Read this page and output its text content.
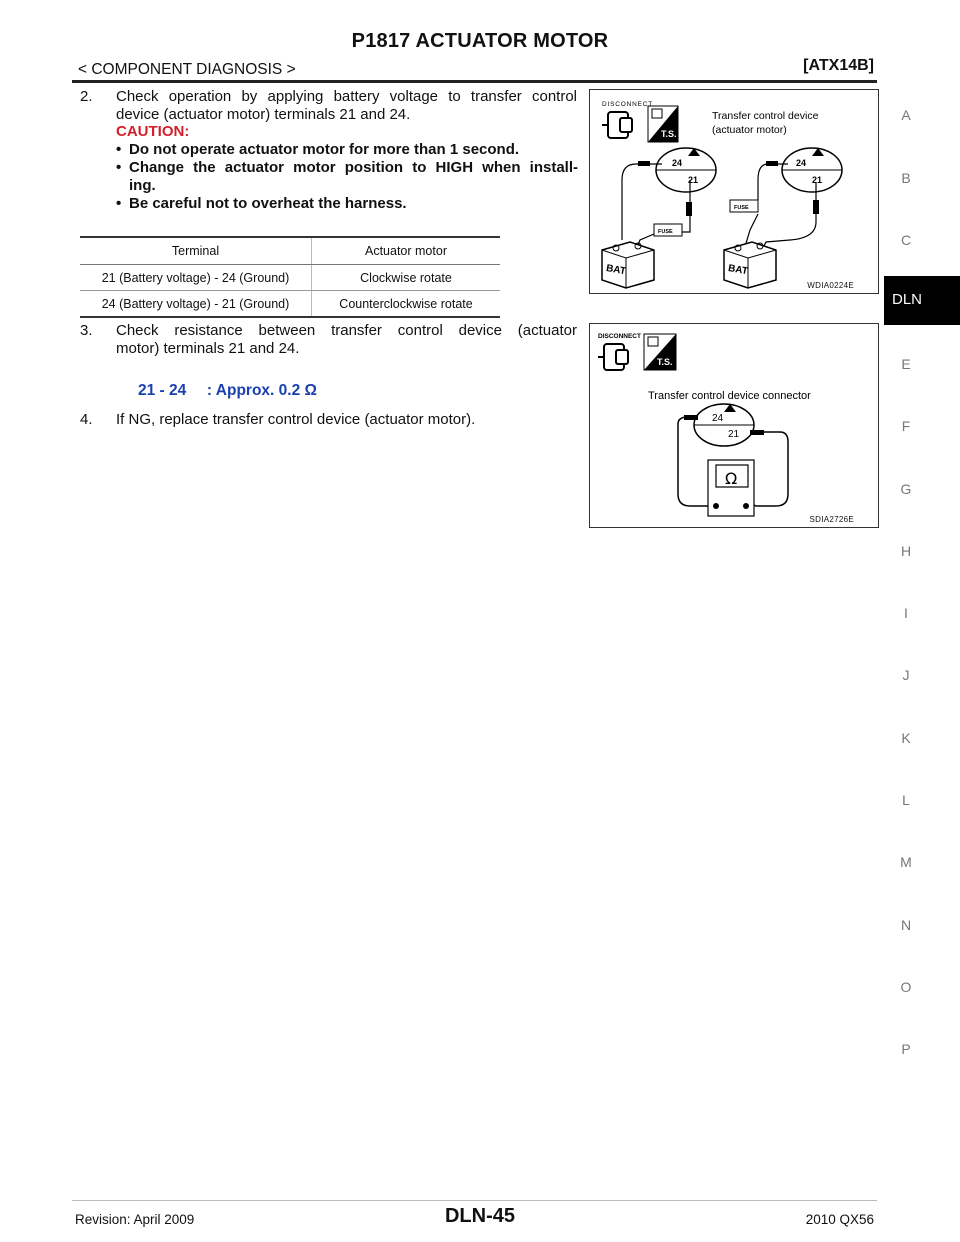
P1817 ACTUATOR MOTOR
< COMPONENT DIAGNOSIS >	[ATX14B]
2. Check operation by applying battery voltage to transfer control
device (actuator motor) terminals 21 and 24.
CAUTION:
• Do not operate actuator motor for more than 1 second.
• Change the actuator motor position to HIGH when install-
ing.
• Be careful not to overheat the harness.
Terminal	Actuator motor
21 (Battery voltage) - 24 (Ground)	Clockwise rotate
24 (Battery voltage) - 21 (Ground)	Counterclockwise rotate
3. Check resistance between transfer control device (actuator
motor) terminals 21 and 24.
21 - 24 : Approx. 0.2 Ω
4. If NG, replace transfer control device (actuator motor).
DISCONNECT
T.S.
Transfer control device
(actuator motor)
24
21
24
21
FUSE
FUSE
BAT	BAT
WDIA0224E
DISCONNECT
T.S.
Transfer control device connector
24
21
Ω
SDIA2726E
A
B
C
DLN
E
F
G
H
I
J
K
L
M
N
O
P
Revision: April 2009	DLN-45	2010 QX56
